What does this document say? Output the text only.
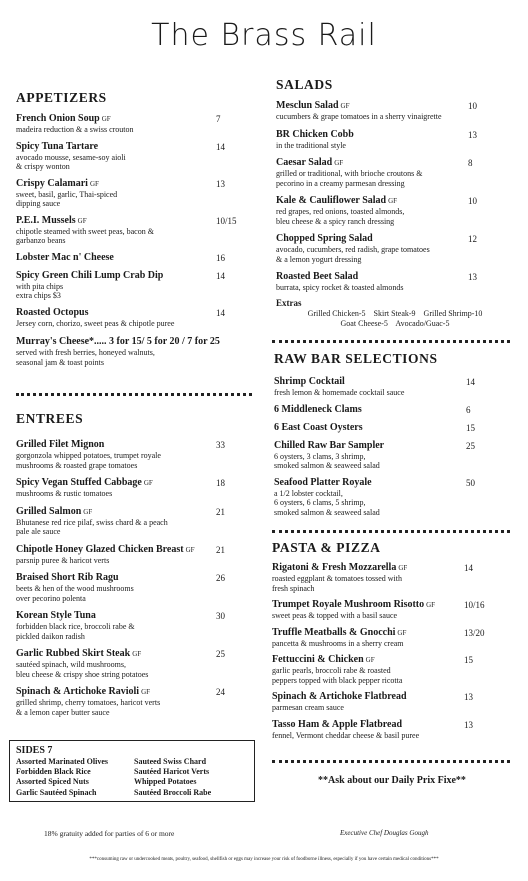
The Brass Rail
APPETIZERS
French Onion Soup GF
madeira reduction & a swiss crouton
7
Spicy Tuna Tartare
avocado mousse, sesame-soy aioli
& crispy wonton
14
Crispy Calamari GF
sweet, basil, garlic, Thai-spiced
dipping sauce
13
P.E.I. Mussels GF
chipotle steamed with sweet peas, bacon &
garbanzo beans
10/15
Lobster Mac n' Cheese	16
Spicy Green Chili Lump Crab Dip
with pita chips
extra chips $3
14
Roasted Octopus
Jersey corn, chorizo, sweet peas & chipotle puree
14
Murray's Cheese*..... 3 for 15/ 5 for 20 / 7 for 25
served with fresh berries, honeyed walnuts,
seasonal jam & toast points
ENTREES
Grilled Filet Mignon
gorgonzola whipped potatoes, trumpet royale
mushrooms & roasted grape tomatoes
33
Spicy Vegan Stuffed Cabbage GF
mushrooms & rustic tomatoes
18
Grilled Salmon GF
Bhutanese red rice pilaf, swiss chard & a peach
pale ale sauce
21
Chipotle Honey Glazed Chicken Breast GF
parsnip puree & haricot verts
21
Braised Short Rib Ragu
beets & hen of the wood mushrooms
over pecorino polenta
26
Korean Style Tuna
forbidden black rice, broccoli rabe &
pickled daikon radish
30
Garlic Rubbed Skirt Steak GF
sautéed spinach, wild mushrooms,
bleu cheese & crispy shoe string potatoes
25
Spinach & Artichoke Ravioli GF
grilled shrimp, cherry tomatoes, haricot verts
& a lemon caper butter sauce
24
SIDES 7
Assorted Marinated Olives	Sauteed Swiss Chard
Forbidden Black Rice	Sautéed Haricot Verts
Assorted Spiced Nuts	Whipped Potatoes
Garlic Sautéed Spinach	Sautéed Broccoli Rabe
SALADS
Mesclun Salad GF
cucumbers & grape tomatoes in a sherry vinaigrette
10
BR Chicken Cobb
in the traditional style
13
Caesar Salad GF
grilled or traditional, with brioche croutons &
pecorino in a creamy parmesan dressing
8
Kale & Cauliflower Salad GF
red grapes, red onions, toasted almonds,
bleu cheese & a spicy ranch dressing
10
Chopped Spring Salad
avocado, cucumbers, red radish, grape tomatoes
& a lemon yogurt dressing
12
Roasted Beet Salad
burrata, spicy rocket & toasted almonds
13
Extras
Grilled Chicken-5    Skirt Steak-9    Grilled Shrimp-10
Goat Cheese-5    Avocado/Guac-5
RAW BAR SELECTIONS
Shrimp Cocktail
fresh lemon & homemade cocktail sauce
14
6 Middleneck Clams	6
6 East Coast Oysters	15
Chilled Raw Bar Sampler
6 oysters, 3 clams, 3 shrimp,
smoked salmon & seaweed salad
25
Seafood Platter Royale
a 1/2 lobster cocktail,
6 oysters, 6 clams, 5 shrimp,
smoked salmon & seaweed salad
50
PASTA & PIZZA
Rigatoni & Fresh Mozzarella GF
roasted eggplant & tomatoes tossed with
fresh spinach
14
Trumpet Royale Mushroom Risotto GF
sweet peas & topped with a basil sauce
10/16
Truffle Meatballs & Gnocchi GF
pancetta & mushrooms in a sherry cream
13/20
Fettuccini & Chicken GF
garlic pearls, broccoli rabe & roasted
peppers topped with black pepper ricotta
15
Spinach & Artichoke Flatbread
parmesan cream sauce
13
Tasso Ham & Apple Flatbread
fennel, Vermont cheddar cheese & basil puree
13
**Ask about our Daily Prix Fixe**
18% gratuity added for parties of 6 or more	Executive Chef Douglas Gough
***consuming raw or undercooked meats, poultry, seafood, shellfish or eggs may increase your risk of foodborne illness, especially if you have certain medical conditions***
